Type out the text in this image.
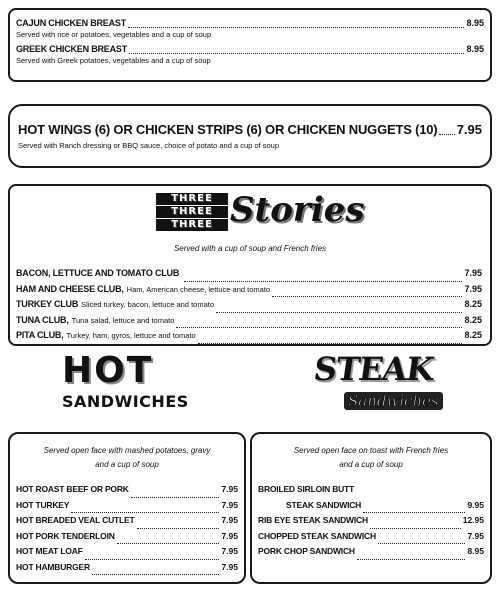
CAJUN CHICKEN BREAST	8.95
Served with rice or potatoes, vegetables and a cup of soup
GREEK CHICKEN BREAST	8.95
Served with Greek potatoes, vegetables and a cup of soup
HOT WINGS (6) OR CHICKEN STRIPS (6) OR CHICKEN NUGGETS (10) 7.95
Served with Ranch dressing or BBQ sauce, choice of potato and a cup of soup
THREE
THREE
THREE Stories
Served with a cup of soup and French fries
BACON, LETTUCE AND TOMATO CLUB	7.95
HAM AND CHEESE CLUB, Ham, American cheese, lettuce and tomato	7.95
TURKEY CLUB Sliced turkey, bacon, lettuce and tomato	8.25
TUNA CLUB, Tuna salad, lettuce and tomato	8.25
PITA CLUB, Turkey, ham, gyros, lettuce and tomato	8.25
HOT
SANDWICHES
STEAK
Sandwiches
Served open face with mashed potatoes, gravy
and a cup of soup
HOT ROAST BEEF OR PORK	7.95
HOT TURKEY	7.95
HOT BREADED VEAL CUTLET	7.95
HOT PORK TENDERLOIN	7.95
HOT MEAT LOAF	7.95
HOT HAMBURGER	7.95
Served open face on toast with French fries
and a cup of soup
BROILED SIRLOIN BUTT
STEAK SANDWICH	9.95
RIB EYE STEAK SANDWICH	12.95
CHOPPED STEAK SANDWICH	7.95
PORK CHOP SANDWICH	8.95
